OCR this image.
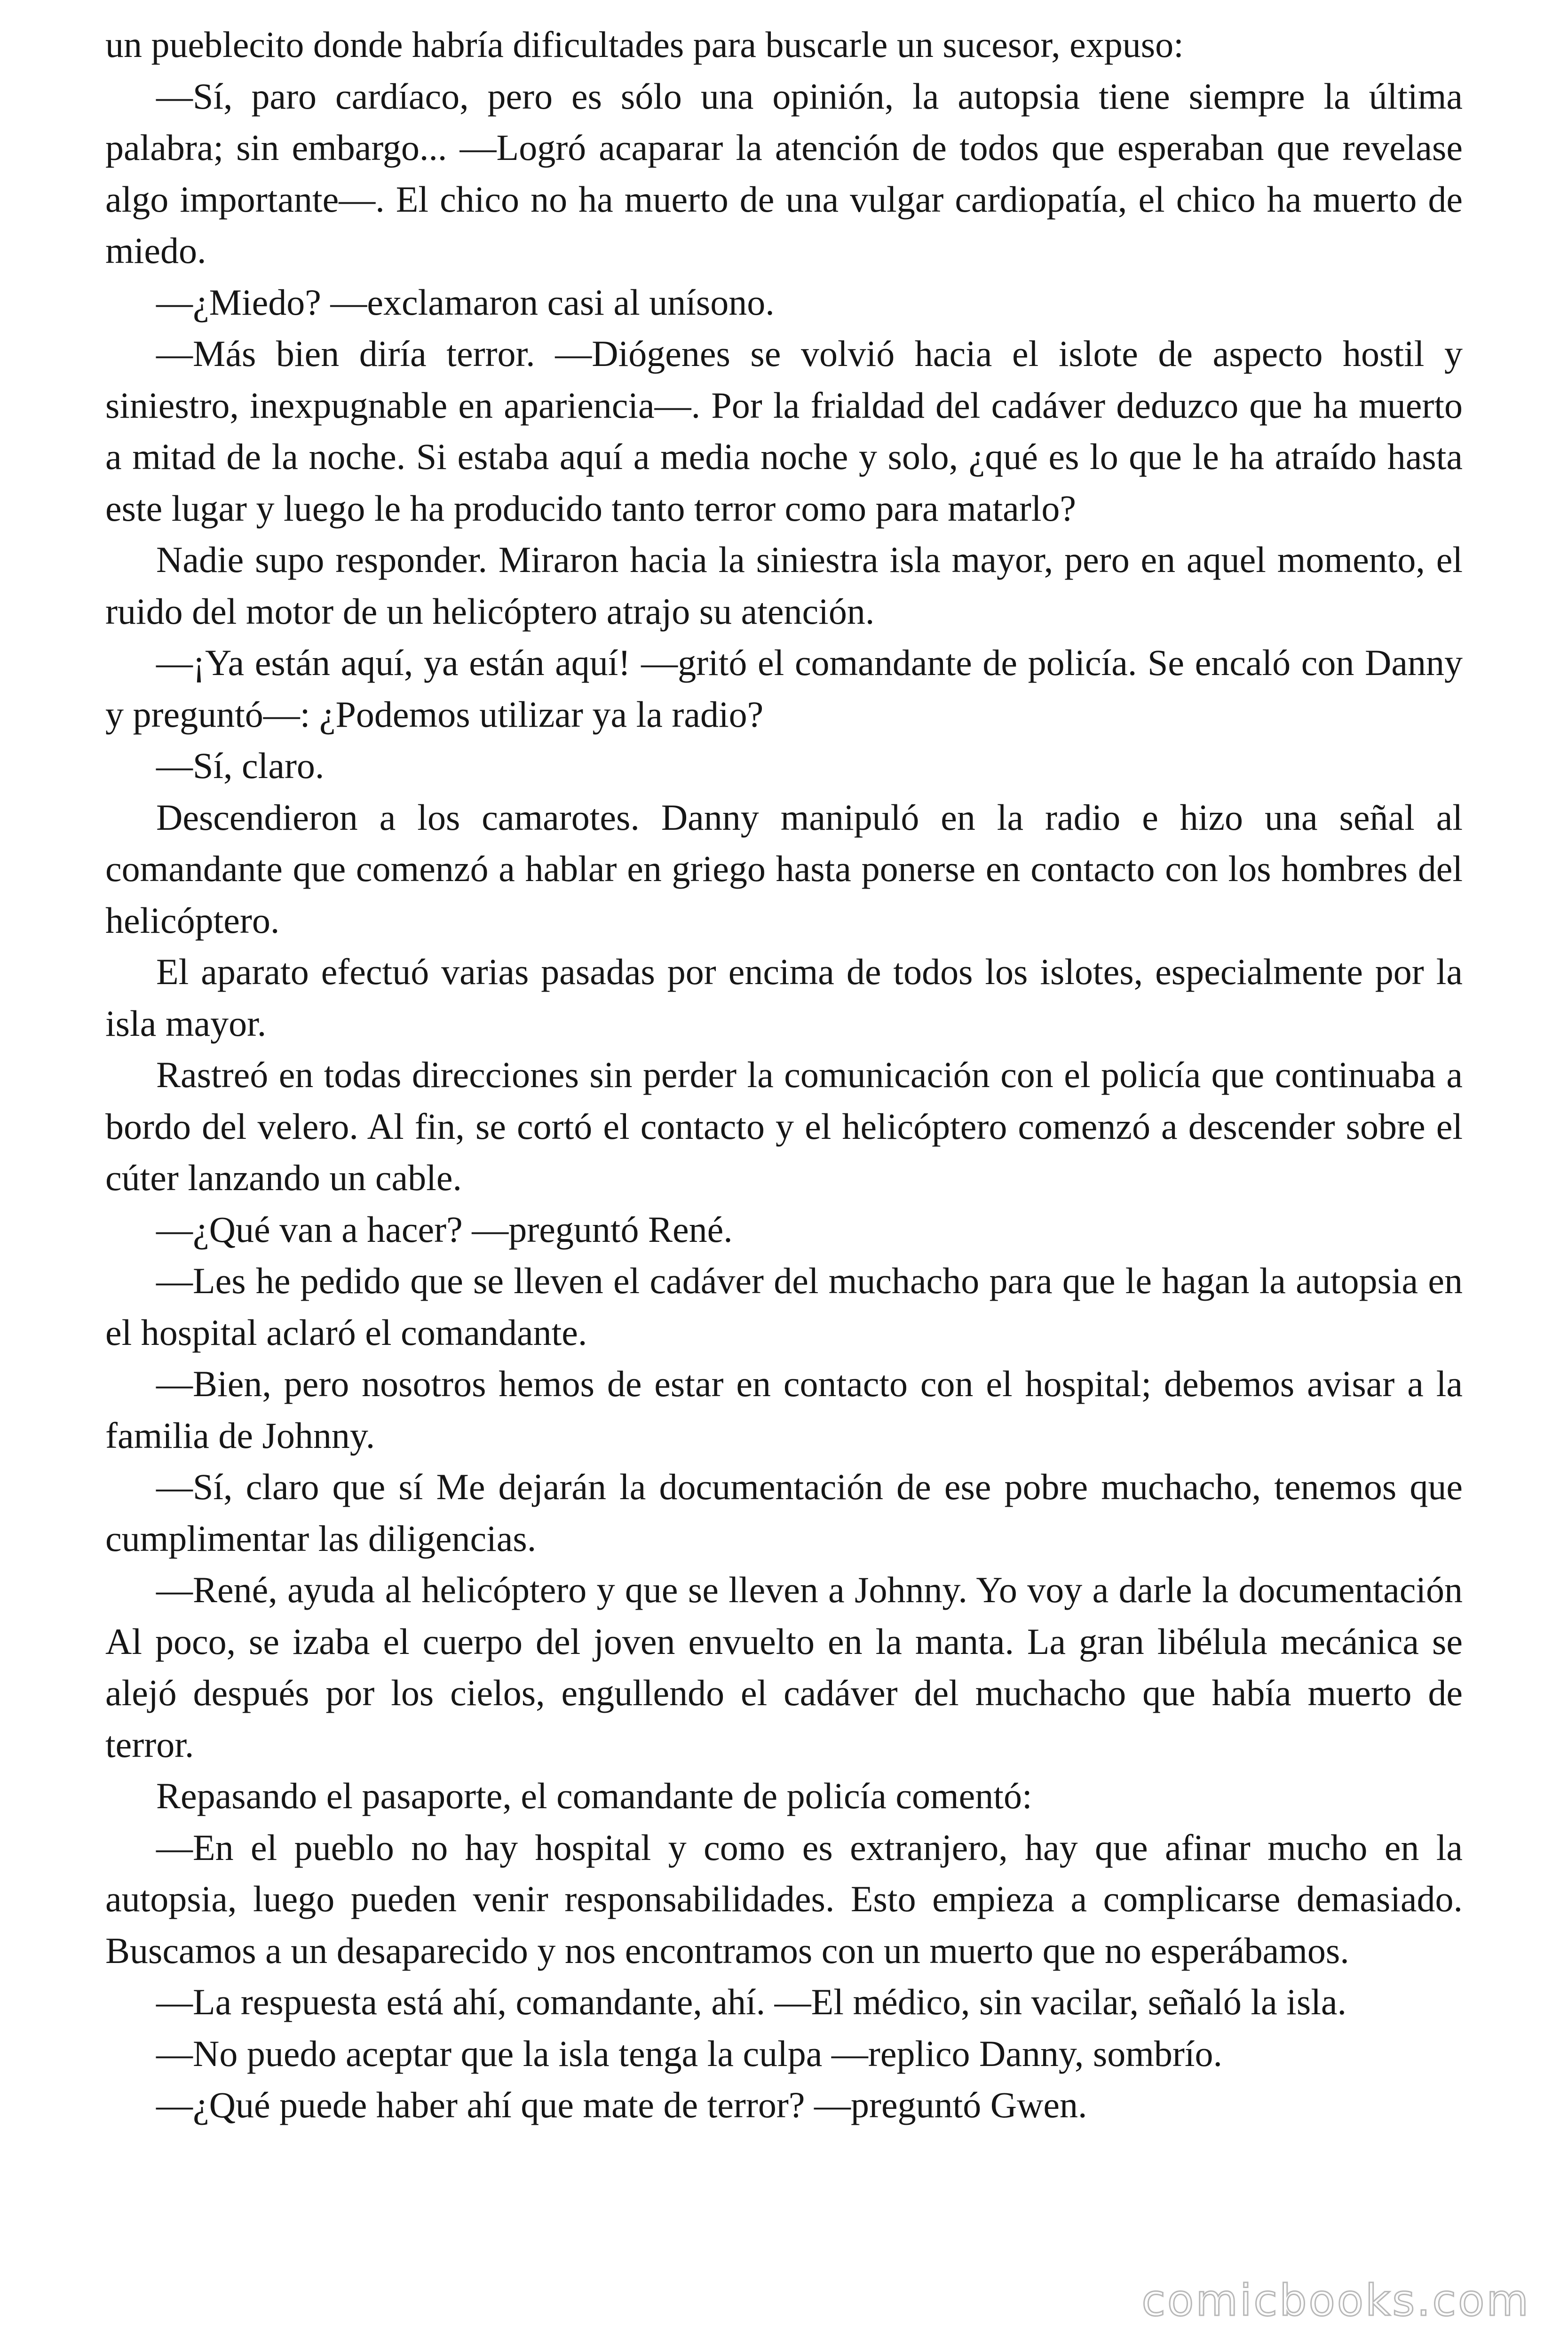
un pueblecito donde habría dificultades para buscarle un sucesor, expuso:

—Sí, paro cardíaco, pero es sólo una opinión, la autopsia tiene siempre la última palabra; sin embargo... —Logró acaparar la atención de todos que esperaban que revelase algo importante—. El chico no ha muerto de una vulgar cardiopatía, el chico ha muerto de miedo.

—¿Miedo? —exclamaron casi al unísono.

—Más bien diría terror. —Diógenes se volvió hacia el islote de aspecto hostil y siniestro, inexpugnable en apariencia—. Por la frialdad del cadáver deduzco que ha muerto a mitad de la noche. Si estaba aquí a media noche y solo, ¿qué es lo que le ha atraído hasta este lugar y luego le ha producido tanto terror como para matarlo?

Nadie supo responder. Miraron hacia la siniestra isla mayor, pero en aquel momento, el ruido del motor de un helicóptero atrajo su atención.

—¡Ya están aquí, ya están aquí! —gritó el comandante de policía. Se encaló con Danny y preguntó—: ¿Podemos utilizar ya la radio?

—Sí, claro.

Descendieron a los camarotes. Danny manipuló en la radio e hizo una señal al comandante que comenzó a hablar en griego hasta ponerse en contacto con los hombres del helicóptero.

El aparato efectuó varias pasadas por encima de todos los islotes, especialmente por la isla mayor.

Rastreó en todas direcciones sin perder la comunicación con el policía que continuaba a bordo del velero. Al fin, se cortó el contacto y el helicóptero comenzó a descender sobre el cúter lanzando un cable.

—¿Qué van a hacer? —preguntó René.

—Les he pedido que se lleven el cadáver del muchacho para que le hagan la autopsia en el hospital aclaró el comandante.

—Bien, pero nosotros hemos de estar en contacto con el hospital; debemos avisar a la familia de Johnny.

—Sí, claro que sí Me dejarán la documentación de ese pobre muchacho, tenemos que cumplimentar las diligencias.

—René, ayuda al helicóptero y que se lleven a Johnny. Yo voy a darle la documentación Al poco, se izaba el cuerpo del joven envuelto en la manta. La gran libélula mecánica se alejó después por los cielos, engullendo el cadáver del muchacho que había muerto de terror.

Repasando el pasaporte, el comandante de policía comentó:

—En el pueblo no hay hospital y como es extranjero, hay que afinar mucho en la autopsia, luego pueden venir responsabilidades. Esto empieza a complicarse demasiado. Buscamos a un desaparecido y nos encontramos con un muerto que no esperábamos.

—La respuesta está ahí, comandante, ahí. —El médico, sin vacilar, señaló la isla.

—No puedo aceptar que la isla tenga la culpa —replico Danny, sombrío.

—¿Qué puede haber ahí que mate de terror? —preguntó Gwen.

comicbooks.com
